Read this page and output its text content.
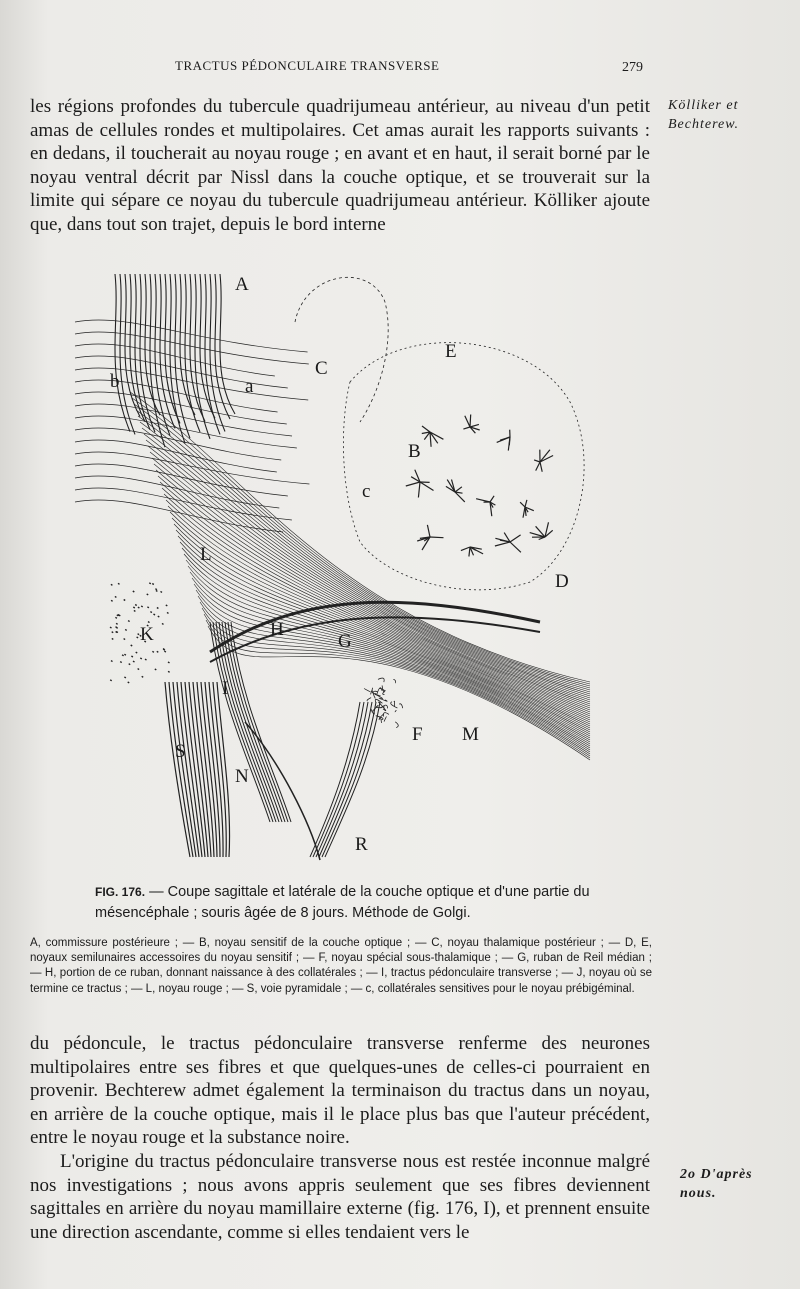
TRACTUS PÉDONCULAIRE TRANSVERSE	279

les régions profondes du tubercule quadrijumeau antérieur, au niveau d'un petit amas de cellules rondes et multipolaires. Cet amas aurait les rapports suivants : en dedans, il toucherait au noyau rouge ; en avant et en haut, il serait borné par le noyau ventral décrit par Nissl dans la couche optique, et se trouverait sur la limite qui sépare ce noyau du tubercule quadrijumeau antérieur. Kölliker ajoute que, dans tout son trajet, depuis le bord interne

Kölliker et Bechterew.
A
a
b
B
C
c
D
E
F
G
H
I
K
L
M
N
R
S
FIG. 176. — Coupe sagittale et latérale de la couche optique et d'une partie du mésencéphale ; souris âgée de 8 jours. Méthode de Golgi.
A, commissure postérieure ; — B, noyau sensitif de la couche optique ; — C, noyau thalamique postérieur ; — D, E, noyaux semilunaires accessoires du noyau sensitif ; — F, noyau spécial sous-thalamique ; — G, ruban de Reil médian ; — H, portion de ce ruban, donnant naissance à des collatérales ; — I, tractus pédonculaire transverse ; — J, noyau où se termine ce tractus ; — L, noyau rouge ; — S, voie pyramidale ; — c, collatérales sensitives pour le noyau prébigéminal.

du pédoncule, le tractus pédonculaire transverse renferme des neurones multipolaires entre ses fibres et que quelques-unes de celles-ci pourraient en provenir. Bechterew admet également la terminaison du tractus dans un noyau, en arrière de la couche optique, mais il le place plus bas que l'auteur précédent, entre le noyau rouge et la substance noire.

L'origine du tractus pédonculaire transverse nous est restée inconnue malgré nos investigations ; nous avons appris seulement que ses fibres deviennent sagittales en arrière du noyau mamillaire externe (fig. 176, I), et prennent ensuite une direction ascendante, comme si elles tendaient vers le

2o D'après nous.
